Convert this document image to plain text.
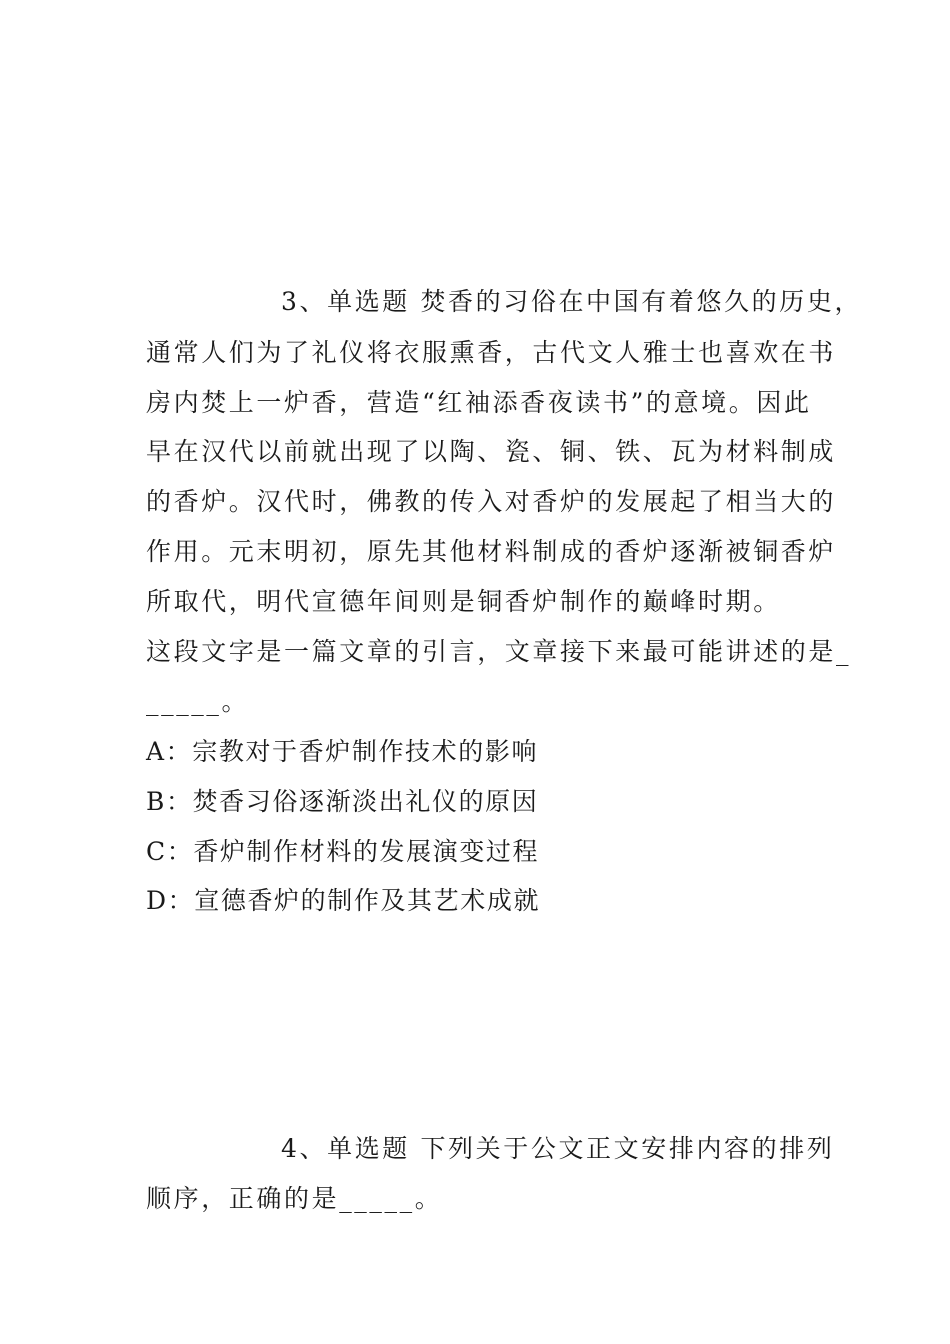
3、单选题 焚香的习俗在中国有着悠久的历史，
通常人们为了礼仪将衣服熏香，古代文人雅士也喜欢在书
房内焚上一炉香，营造“红袖添香夜读书”的意境。因此
早在汉代以前就出现了以陶、瓷、铜、铁、瓦为材料制成
的香炉。汉代时，佛教的传入对香炉的发展起了相当大的
作用。元末明初，原先其他材料制成的香炉逐渐被铜香炉
所取代，明代宣德年间则是铜香炉制作的巅峰时期。
这段文字是一篇文章的引言，文章接下来最可能讲述的是_
_____。
A：宗教对于香炉制作技术的影响
B：焚香习俗逐渐淡出礼仪的原因
C：香炉制作材料的发展演变过程
D：宣德香炉的制作及其艺术成就
4、单选题 下列关于公文正文安排内容的排列
顺序，正确的是_____。
